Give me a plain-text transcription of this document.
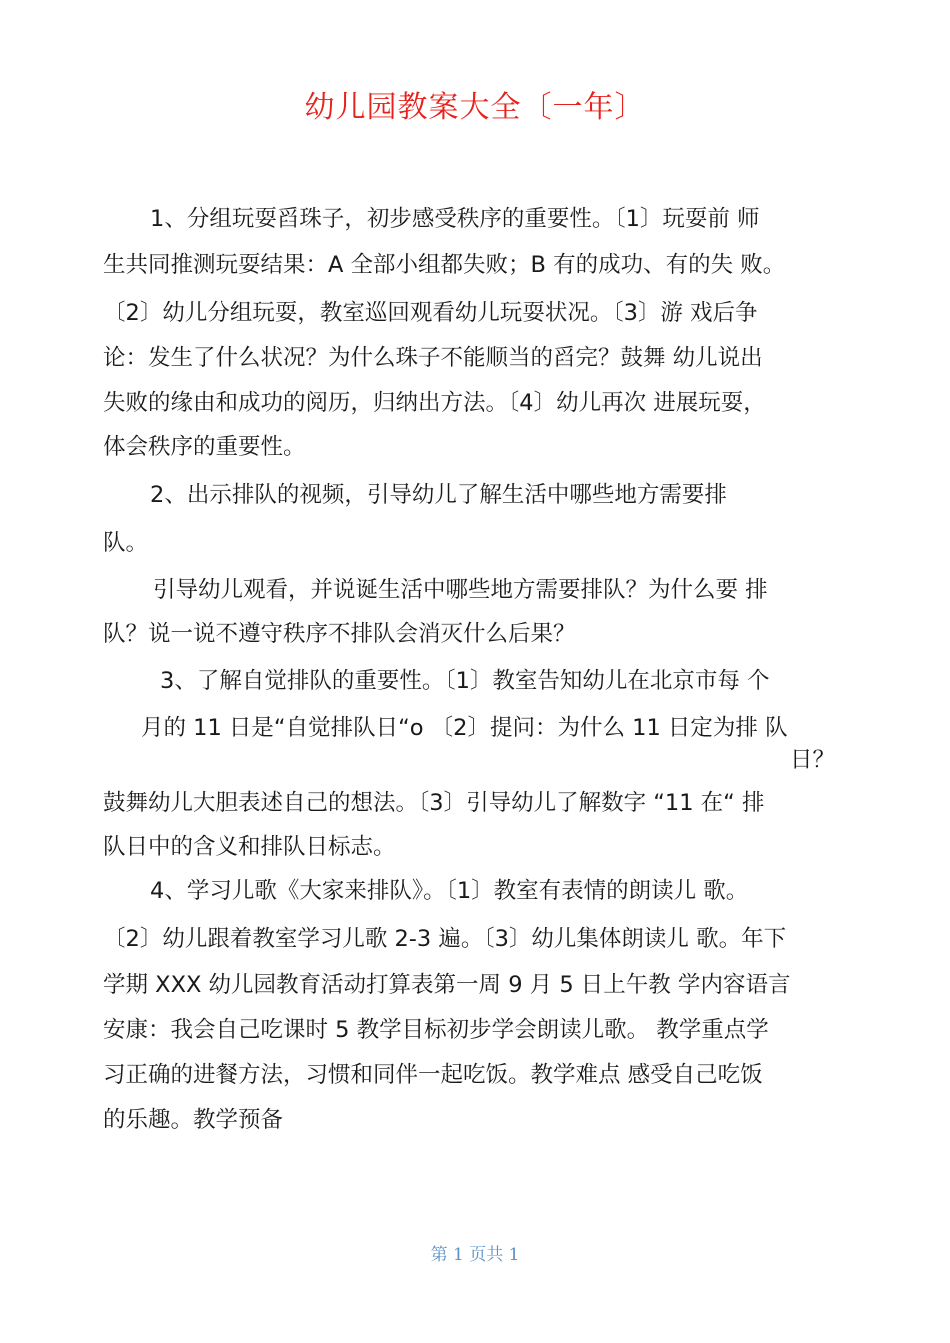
幼儿园教案大全〔一年〕
1、分组玩耍舀珠子，初步感受秩序的重要性。〔1〕玩耍前 师
生共同推测玩耍结果：A 全部小组都失败；B 有的成功、有的失 败。
〔2〕幼儿分组玩耍，教室巡回观看幼儿玩耍状况。〔3〕游 戏后争
论：发生了什么状况？为什么珠子不能顺当的舀完？鼓舞 幼儿说出
失败的缘由和成功的阅历，归纳出方法。〔4〕幼儿再次 进展玩耍，
体会秩序的重要性。
2、出示排队的视频，引导幼儿了解生活中哪些地方需要排
队。
引导幼儿观看，并说诞生活中哪些地方需要排队？为什么要 排
队？说一说不遵守秩序不排队会消灭什么后果？
3、了解自觉排队的重要性。〔1〕教室告知幼儿在北京市每 个
月的 11 日是“自觉排队日“o 〔2〕提问：为什么 11 日定为排 队
日？
鼓舞幼儿大胆表述自己的想法。〔3〕引导幼儿了解数字 “11 在“ 排
队日中的含义和排队日标志。
4、学习儿歌《大家来排队》。〔1〕教室有表情的朗读儿 歌。
〔2〕幼儿跟着教室学习儿歌 2-3 遍。〔3〕幼儿集体朗读儿 歌。年下
学期 XXX 幼儿园教育活动打算表第一周 9 月 5 日上午教 学内容语言
安康：我会自己吃课时 5 教学目标初步学会朗读儿歌。 教学重点学
习正确的进餐方法，习惯和同伴一起吃饭。教学难点 感受自己吃饭
的乐趣。教学预备
第 1 页共 1
